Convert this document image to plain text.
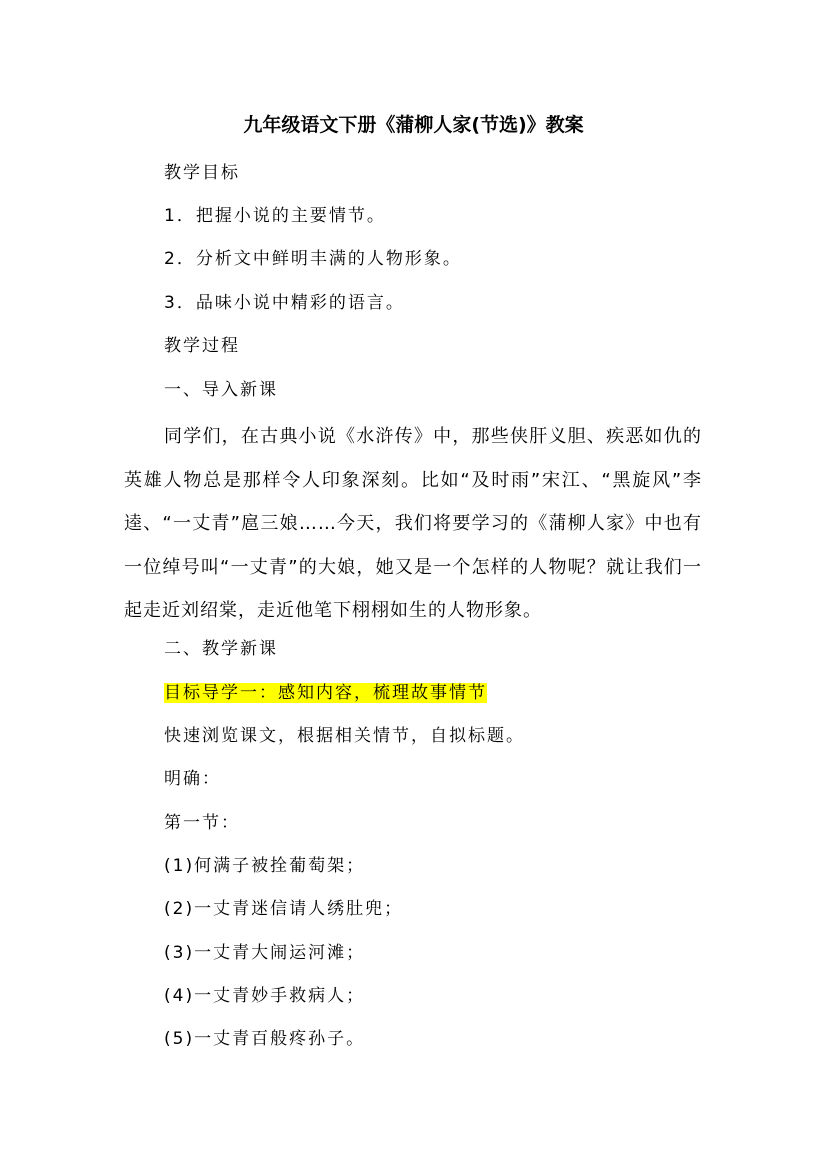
九年级语文下册《蒲柳人家(节选)》教案
教学目标
1．把握小说的主要情节。
2．分析文中鲜明丰满的人物形象。
3．品味小说中精彩的语言。
教学过程
一、导入新课
同学们，在古典小说《水浒传》中，那些侠肝义胆、疾恶如仇的英雄人物总是那样令人印象深刻。比如“及时雨”宋江、“黑旋风”李逵、“一丈青”扈三娘……今天，我们将要学习的《蒲柳人家》中也有一位绰号叫“一丈青”的大娘，她又是一个怎样的人物呢？就让我们一起走近刘绍棠，走近他笔下栩栩如生的人物形象。
二、教学新课
目标导学一：感知内容，梳理故事情节
快速浏览课文，根据相关情节，自拟标题。
明确：
第一节：
(1)何满子被拴葡萄架；
(2)一丈青迷信请人绣肚兜；
(3)一丈青大闹运河滩；
(4)一丈青妙手救病人；
(5)一丈青百般疼孙子。
